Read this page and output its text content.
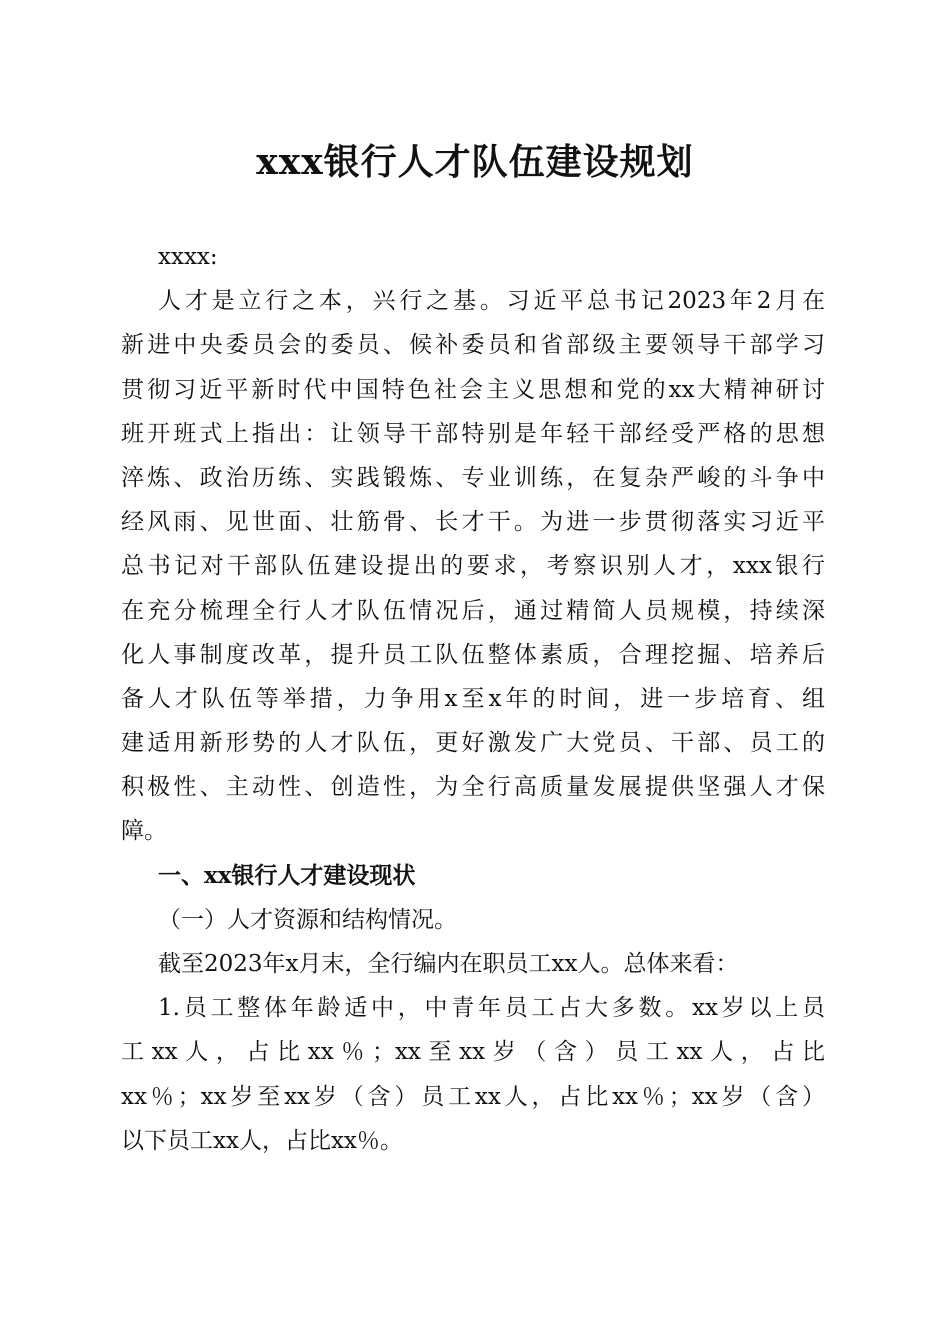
xxx银行人才队伍建设规划

xxxx:

人才是立行之本，兴行之基。习近平总书记2023年2月在

新进中央委员会的委员、候补委员和省部级主要领导干部学习

贯彻习近平新时代中国特色社会主义思想和党的xx大精神研讨

班开班式上指出：让领导干部特别是年轻干部经受严格的思想

淬炼、政治历练、实践锻炼、专业训练，在复杂严峻的斗争中

经风雨、见世面、壮筋骨、长才干。为进一步贯彻落实习近平

总书记对干部队伍建设提出的要求，考察识别人才，xxx银行

在充分梳理全行人才队伍情况后，通过精简人员规模，持续深

化人事制度改革，提升员工队伍整体素质，合理挖掘、培养后

备人才队伍等举措，力争用x至x年的时间，进一步培育、组

建适用新形势的人才队伍，更好激发广大党员、干部、员工的

积极性、主动性、创造性，为全行高质量发展提供坚强人才保

障。

一、xx银行人才建设现状

（一）人才资源和结构情况。

截至2023年x月末，全行编内在职员工xx人。总体来看：

1.员工整体年龄适中，中青年员工占大多数。xx岁以上员

工xx人，占比xx％；xx至xx岁（含）员工xx人，占比

xx％；xx岁至xx岁（含）员工xx人，占比xx％；xx岁（含）

以下员工xx人，占比xx％。
